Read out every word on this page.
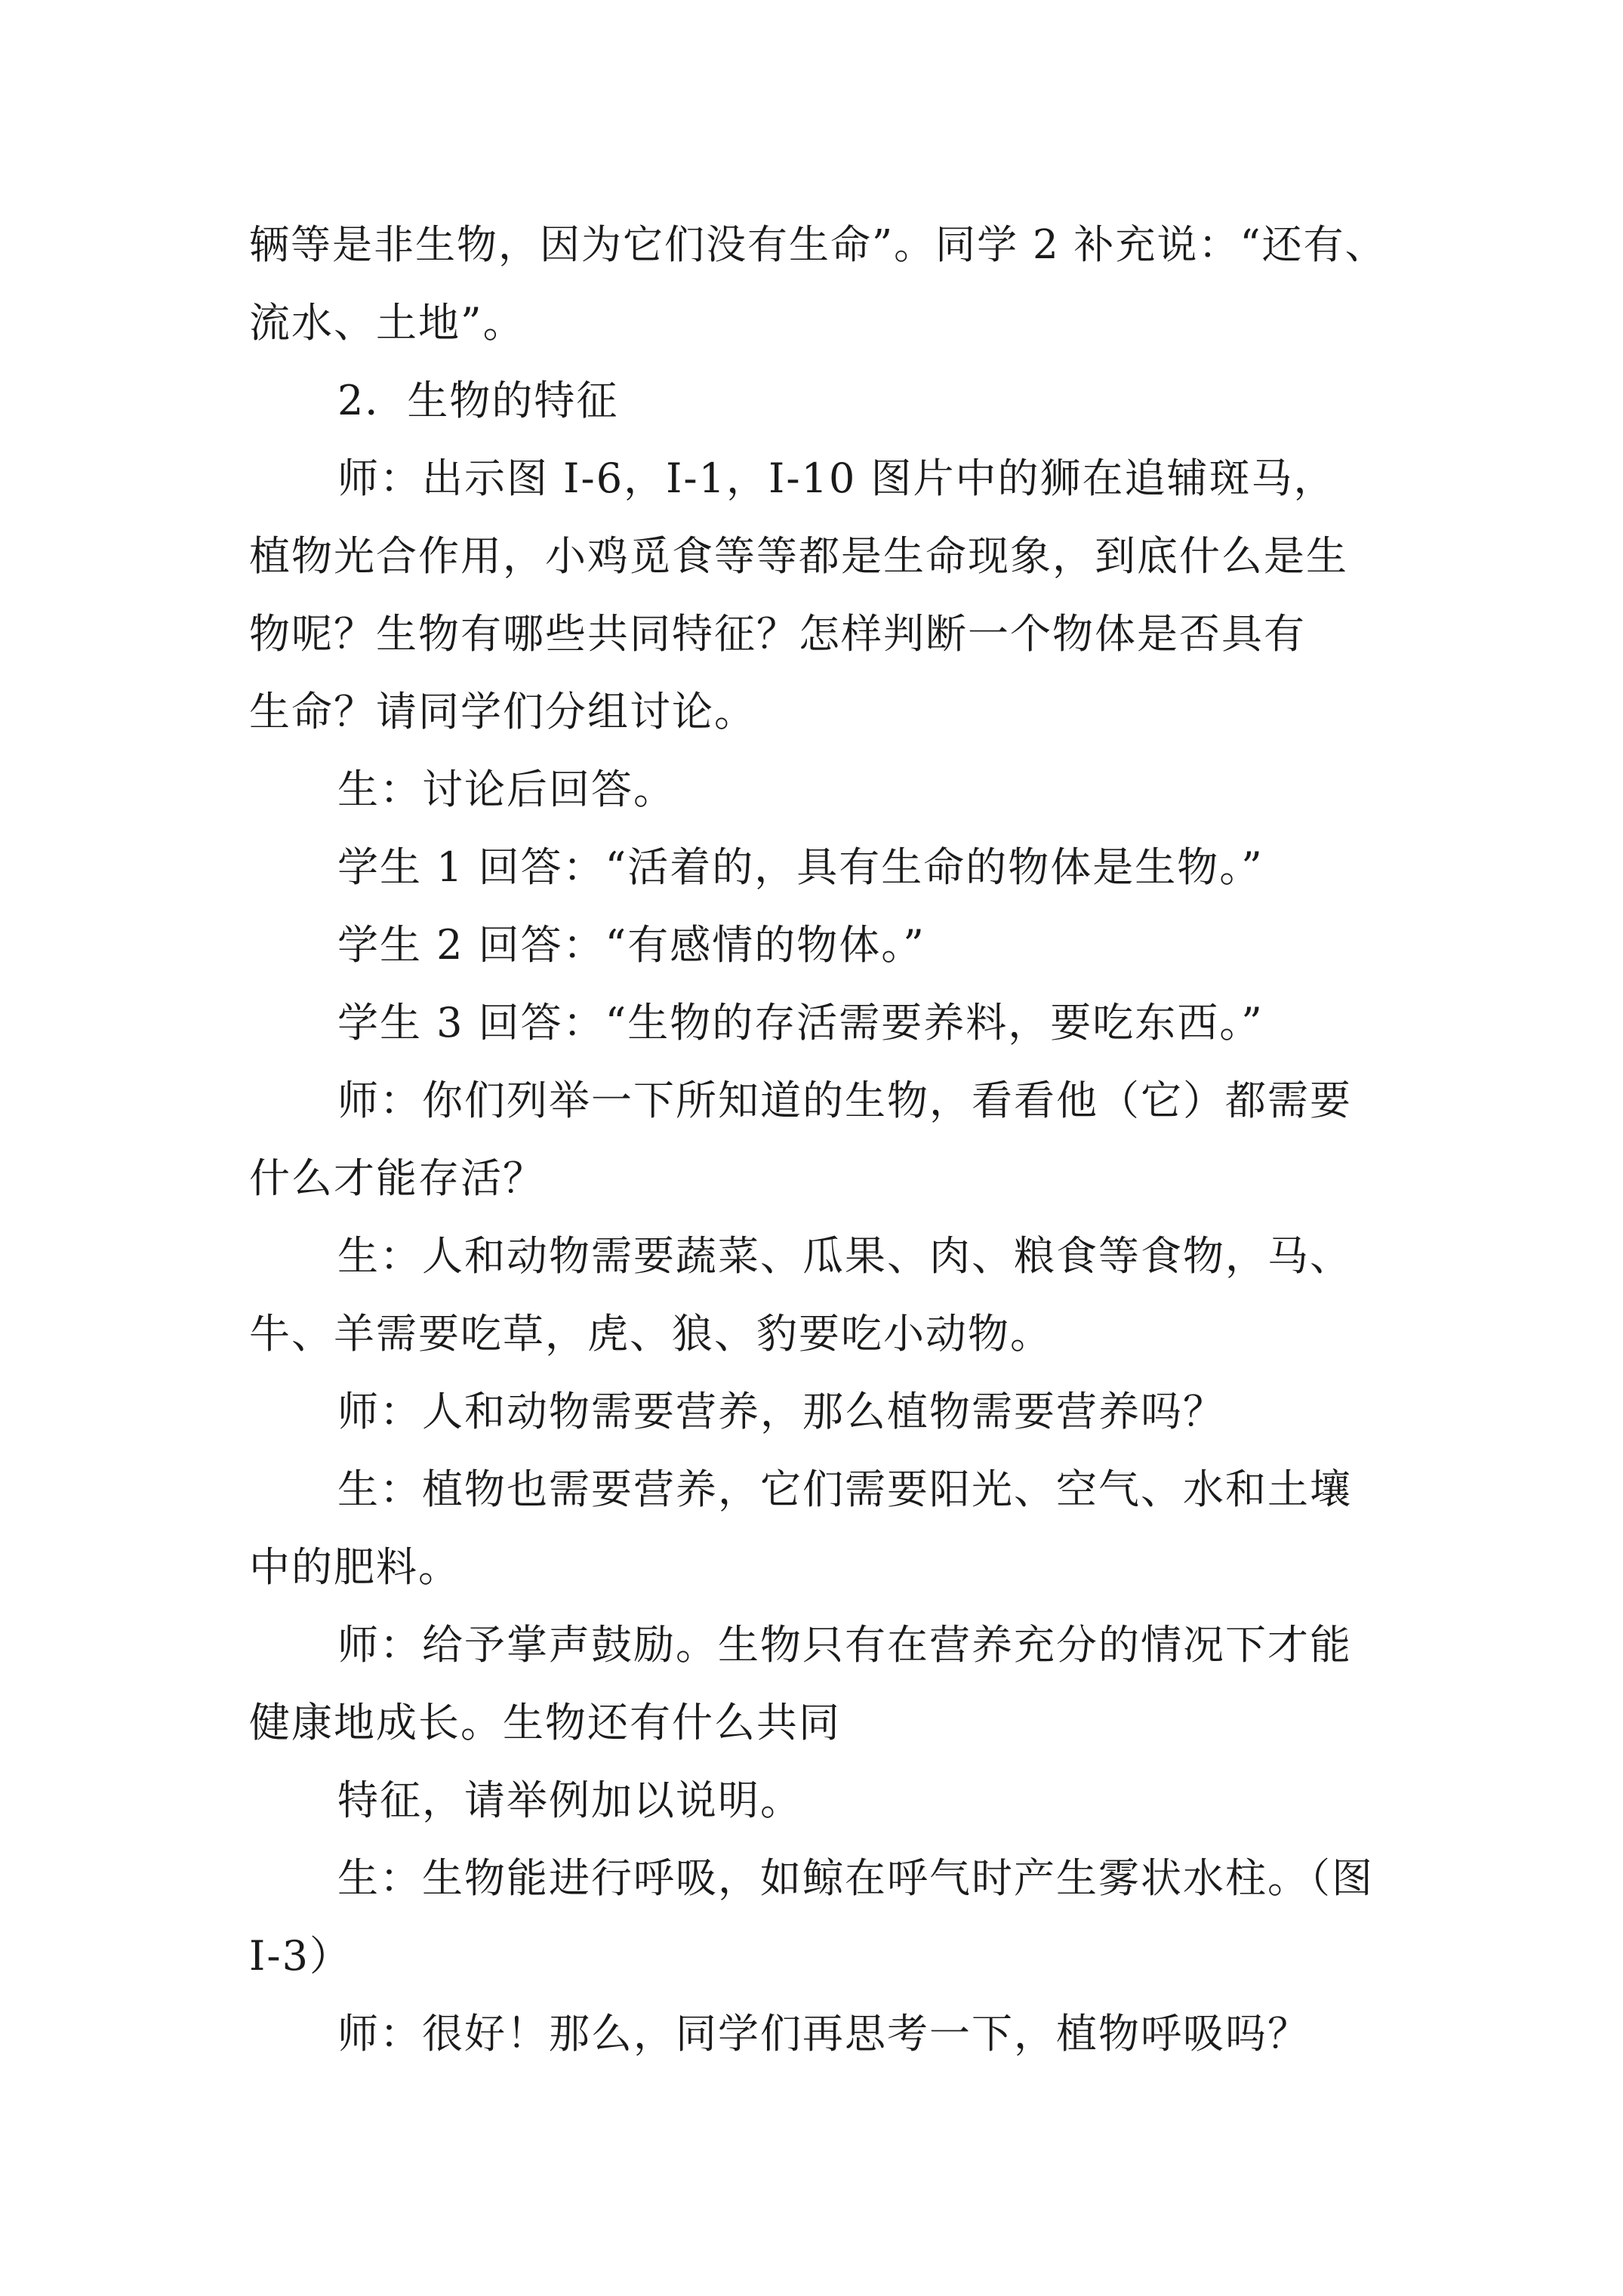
辆等是非生物，因为它们没有生命”。同学 2 补充说：“还有、
流水、土地”。
2．生物的特征
师：出示图 I-6，I-1，I-10 图片中的狮在追辅斑马，
植物光合作用，小鸡觅食等等都是生命现象，到底什么是生
物呢？生物有哪些共同特征？怎样判断一个物体是否具有
生命？请同学们分组讨论。
生：讨论后回答。
学生 1 回答：“活着的，具有生命的物体是生物。”
学生 2 回答：“有感情的物体。”
学生 3 回答：“生物的存活需要养料，要吃东西。”
师：你们列举一下所知道的生物，看看他（它）都需要
什么才能存活？
生：人和动物需要蔬菜、瓜果、肉、粮食等食物，马、
牛、羊需要吃草，虎、狼、豹要吃小动物。
师：人和动物需要营养，那么植物需要营养吗？
生：植物也需要营养，它们需要阳光、空气、水和土壤
中的肥料。
师：给予掌声鼓励。生物只有在营养充分的情况下才能
健康地成长。生物还有什么共同
特征，请举例加以说明。
生：生物能进行呼吸，如鲸在呼气时产生雾状水柱。（图
I-3）
师：很好！那么，同学们再思考一下，植物呼吸吗？
